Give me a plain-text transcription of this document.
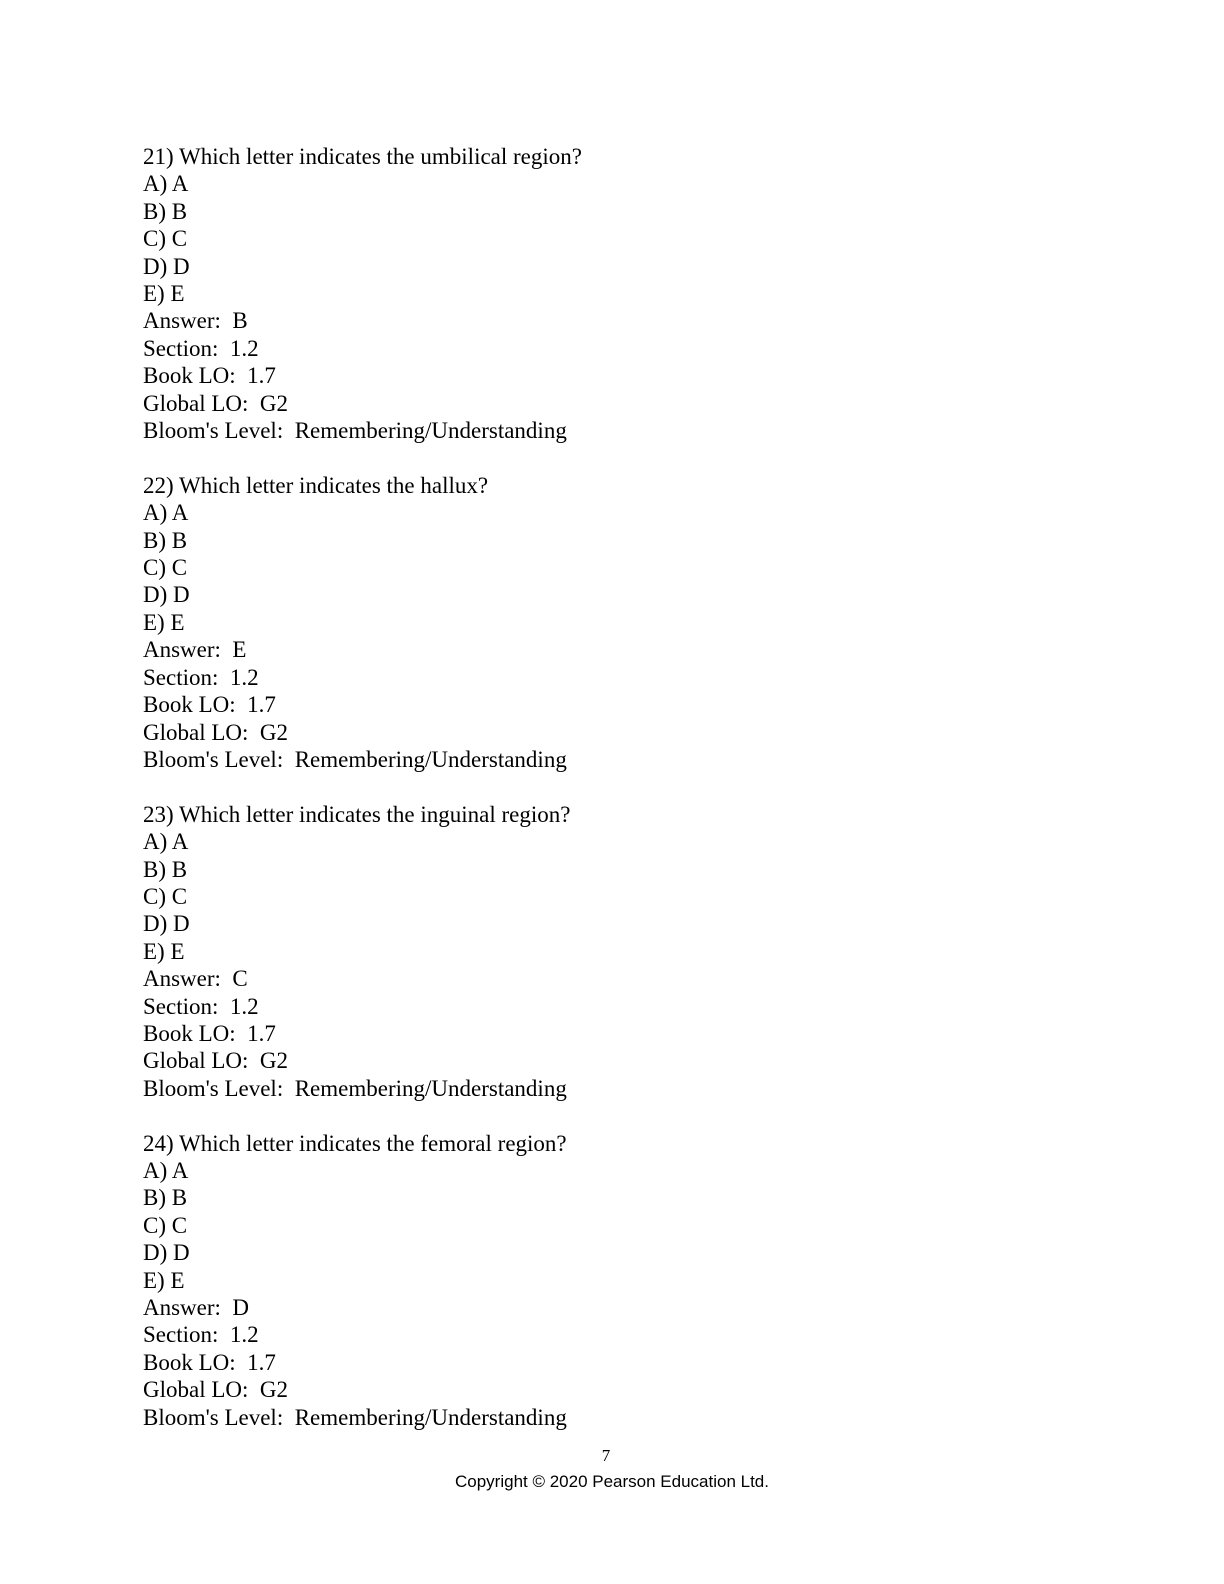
21) Which letter indicates the umbilical region?
A) A
B) B
C) C
D) D
E) E
Answer:  B
Section:  1.2
Book LO:  1.7
Global LO:  G2
Bloom's Level:  Remembering/Understanding
22) Which letter indicates the hallux?
A) A
B) B
C) C
D) D
E) E
Answer:  E
Section:  1.2
Book LO:  1.7
Global LO:  G2
Bloom's Level:  Remembering/Understanding
23) Which letter indicates the inguinal region?
A) A
B) B
C) C
D) D
E) E
Answer:  C
Section:  1.2
Book LO:  1.7
Global LO:  G2
Bloom's Level:  Remembering/Understanding
24) Which letter indicates the femoral region?
A) A
B) B
C) C
D) D
E) E
Answer:  D
Section:  1.2
Book LO:  1.7
Global LO:  G2
Bloom's Level:  Remembering/Understanding
7
Copyright © 2020 Pearson Education Ltd.
